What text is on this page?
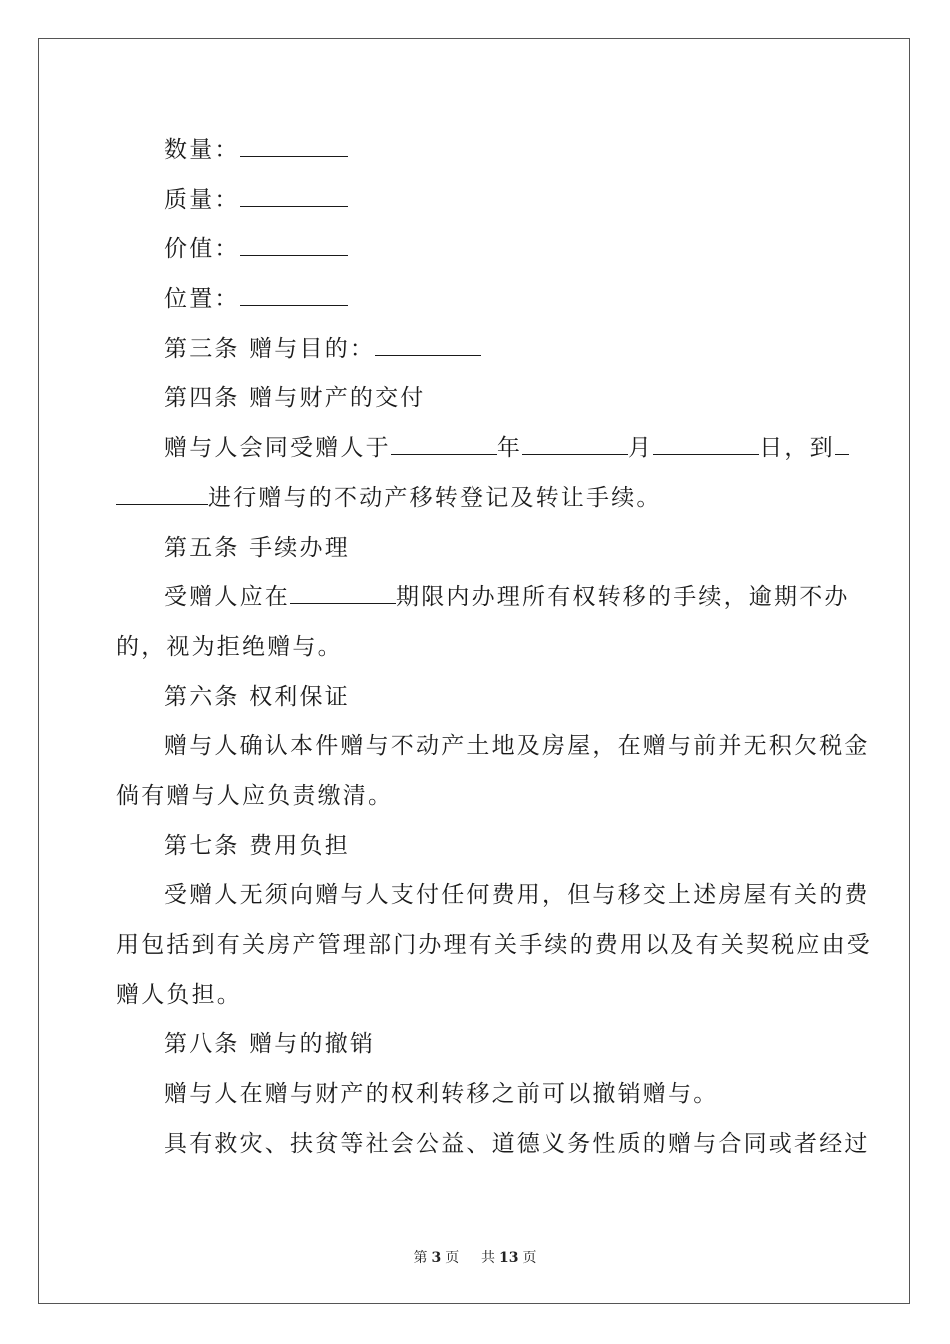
数量：
质量：
价值：
位置：
第三条 赠与目的：
第四条 赠与财产的交付
赠与人会同受赠人于	年	月	日，到
进行赠与的不动产移转登记及转让手续。
第五条 手续办理
受赠人应在	期限内办理所有权转移的手续，逾期不办
的，视为拒绝赠与。
第六条 权利保证
赠与人确认本件赠与不动产土地及房屋，在赠与前并无积欠税金
倘有赠与人应负责缴清。
第七条 费用负担
受赠人无须向赠与人支付任何费用，但与移交上述房屋有关的费
用包括到有关房产管理部门办理有关手续的费用以及有关契税应由受
赠人负担。
第八条 赠与的撤销
赠与人在赠与财产的权利转移之前可以撤销赠与。
具有救灾、扶贫等社会公益、道德义务性质的赠与合同或者经过
第 3 页 共 13 页
